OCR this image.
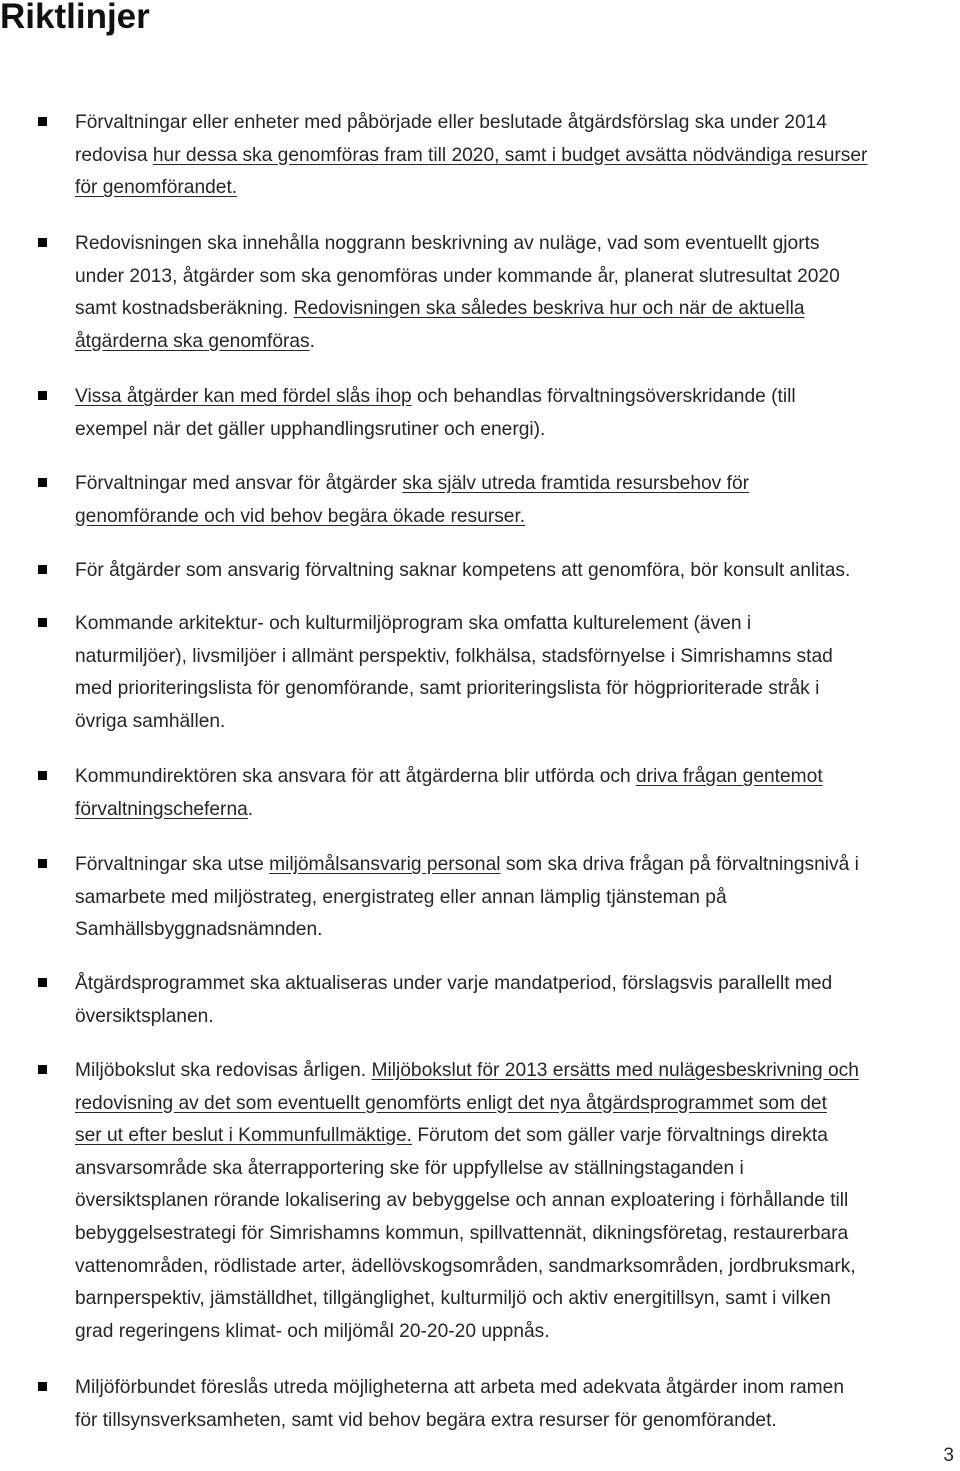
Riktlinjer
Förvaltningar eller enheter med påbörjade eller beslutade åtgärdsförslag ska under 2014
redovisa hur dessa ska genomföras fram till 2020, samt i budget avsätta nödvändiga resurser
för genomförandet.
Redovisningen ska innehålla noggrann beskrivning av nuläge, vad som eventuellt gjorts
under 2013, åtgärder som ska genomföras under kommande år, planerat slutresultat 2020
samt kostnadsberäkning. Redovisningen ska således beskriva hur och när de aktuella
åtgärderna ska genomföras.
Vissa åtgärder kan med fördel slås ihop och behandlas förvaltningsöverskridande (till
exempel när det gäller upphandlingsrutiner och energi).
Förvaltningar med ansvar för åtgärder ska själv utreda framtida resursbehov för
genomförande och vid behov begära ökade resurser.
För åtgärder som ansvarig förvaltning saknar kompetens att genomföra, bör konsult anlitas.
Kommande arkitektur- och kulturmiljöprogram ska omfatta kulturelement (även i
naturmiljöer), livsmiljöer i allmänt perspektiv, folkhälsa, stadsförnyelse i Simrishamns stad
med prioriteringslista för genomförande, samt prioriteringslista för högprioriterade stråk i
övriga samhällen.
Kommundirektören ska ansvara för att åtgärderna blir utförda och driva frågan gentemot
förvaltningscheferna.
Förvaltningar ska utse miljömålsansvarig personal som ska driva frågan på förvaltningsnivå i
samarbete med miljöstrateg, energistrateg eller annan lämplig tjänsteman på
Samhällsbyggnadsnämnden.
Åtgärdsprogrammet ska aktualiseras under varje mandatperiod, förslagsvis parallellt med
översiktsplanen.
Miljöbokslut ska redovisas årligen. Miljöbokslut för 2013 ersätts med nulägesbeskrivning och
redovisning av det som eventuellt genomförts enligt det nya åtgärdsprogrammet som det
ser ut efter beslut i Kommunfullmäktige. Förutom det som gäller varje förvaltnings direkta
ansvarsområde ska återrapportering ske för uppfyllelse av ställningstaganden i
översiktsplanen rörande lokalisering av bebyggelse och annan exploatering i förhållande till
bebyggelsestrategi för Simrishamns kommun, spillvattennät, dikningsföretag, restaurerbara
vattenområden, rödlistade arter, ädellövskogsområden, sandmarksområden, jordbruksmark,
barnperspektiv, jämställdhet, tillgänglighet, kulturmiljö och aktiv energitillsyn, samt i vilken
grad regeringens klimat- och miljömål 20-20-20 uppnås.
Miljöförbundet föreslås utreda möjligheterna att arbeta med adekvata åtgärder inom ramen
för tillsynsverksamheten, samt vid behov begära extra resurser för genomförandet.
3
